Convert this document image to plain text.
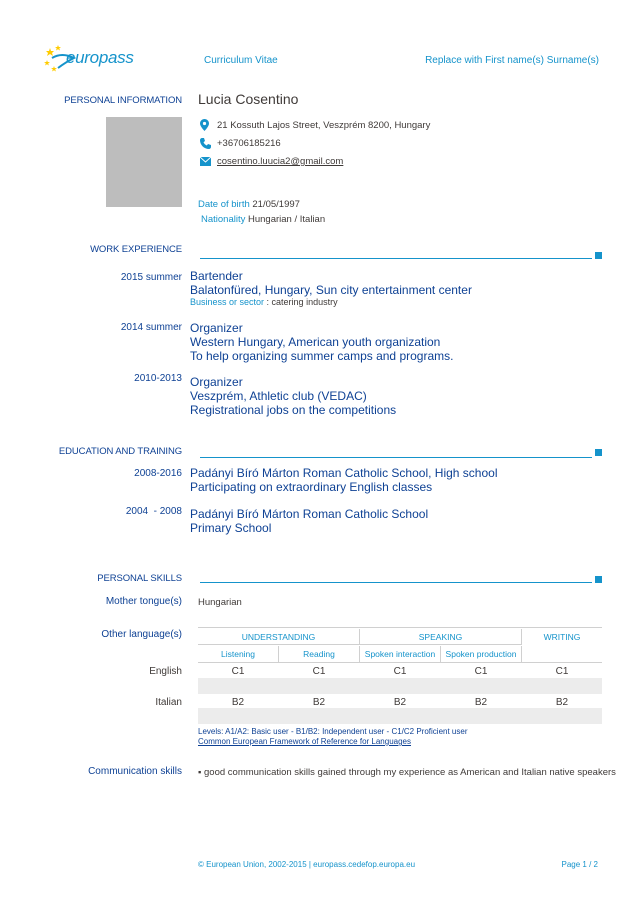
europass	Curriculum Vitae	Replace with First name(s) Surname(s)
PERSONAL INFORMATION Lucia Cosentino
21 Kossuth Lajos Street, Veszprém 8200, Hungary
+36706185216
cosentino.luucia2@gmail.com
Date of birth 21/05/1997
Nationality Hungarian / Italian
WORK EXPERIENCE
2015 summer Bartender
Balatonfüred, Hungary, Sun city entertainment center
Business or sector : catering industry
2014 summer Organizer
Western Hungary, American youth organization
To help organizing summer camps and programs.
2010-2013 Organizer
Veszprém, Athletic club (VEDAC)
Registrational jobs on the competitions
EDUCATION AND TRAINING
2008-2016 Padányi Bíró Márton Roman Catholic School, High school
Participating on extraordinary English classes
2004  - 2008 Padányi Bíró Márton Roman Catholic School
Primary School
PERSONAL SKILLS
Mother tongue(s) Hungarian
Other language(s)	UNDERSTANDING	SPEAKING	WRITING
Listening	Reading	Spoken interaction	Spoken production
English	C1	C1	C1	C1	C1
Italian	B2	B2	B2	B2	B2
Levels: A1/A2: Basic user - B1/B2: Independent user - C1/C2 Proficient user
Common European Framework of Reference for Languages
Communication skills ▪ good communication skills gained through my experience as American and Italian native speakers
© European Union, 2002-2015 | europass.cedefop.europa.eu	Page 1 / 2
